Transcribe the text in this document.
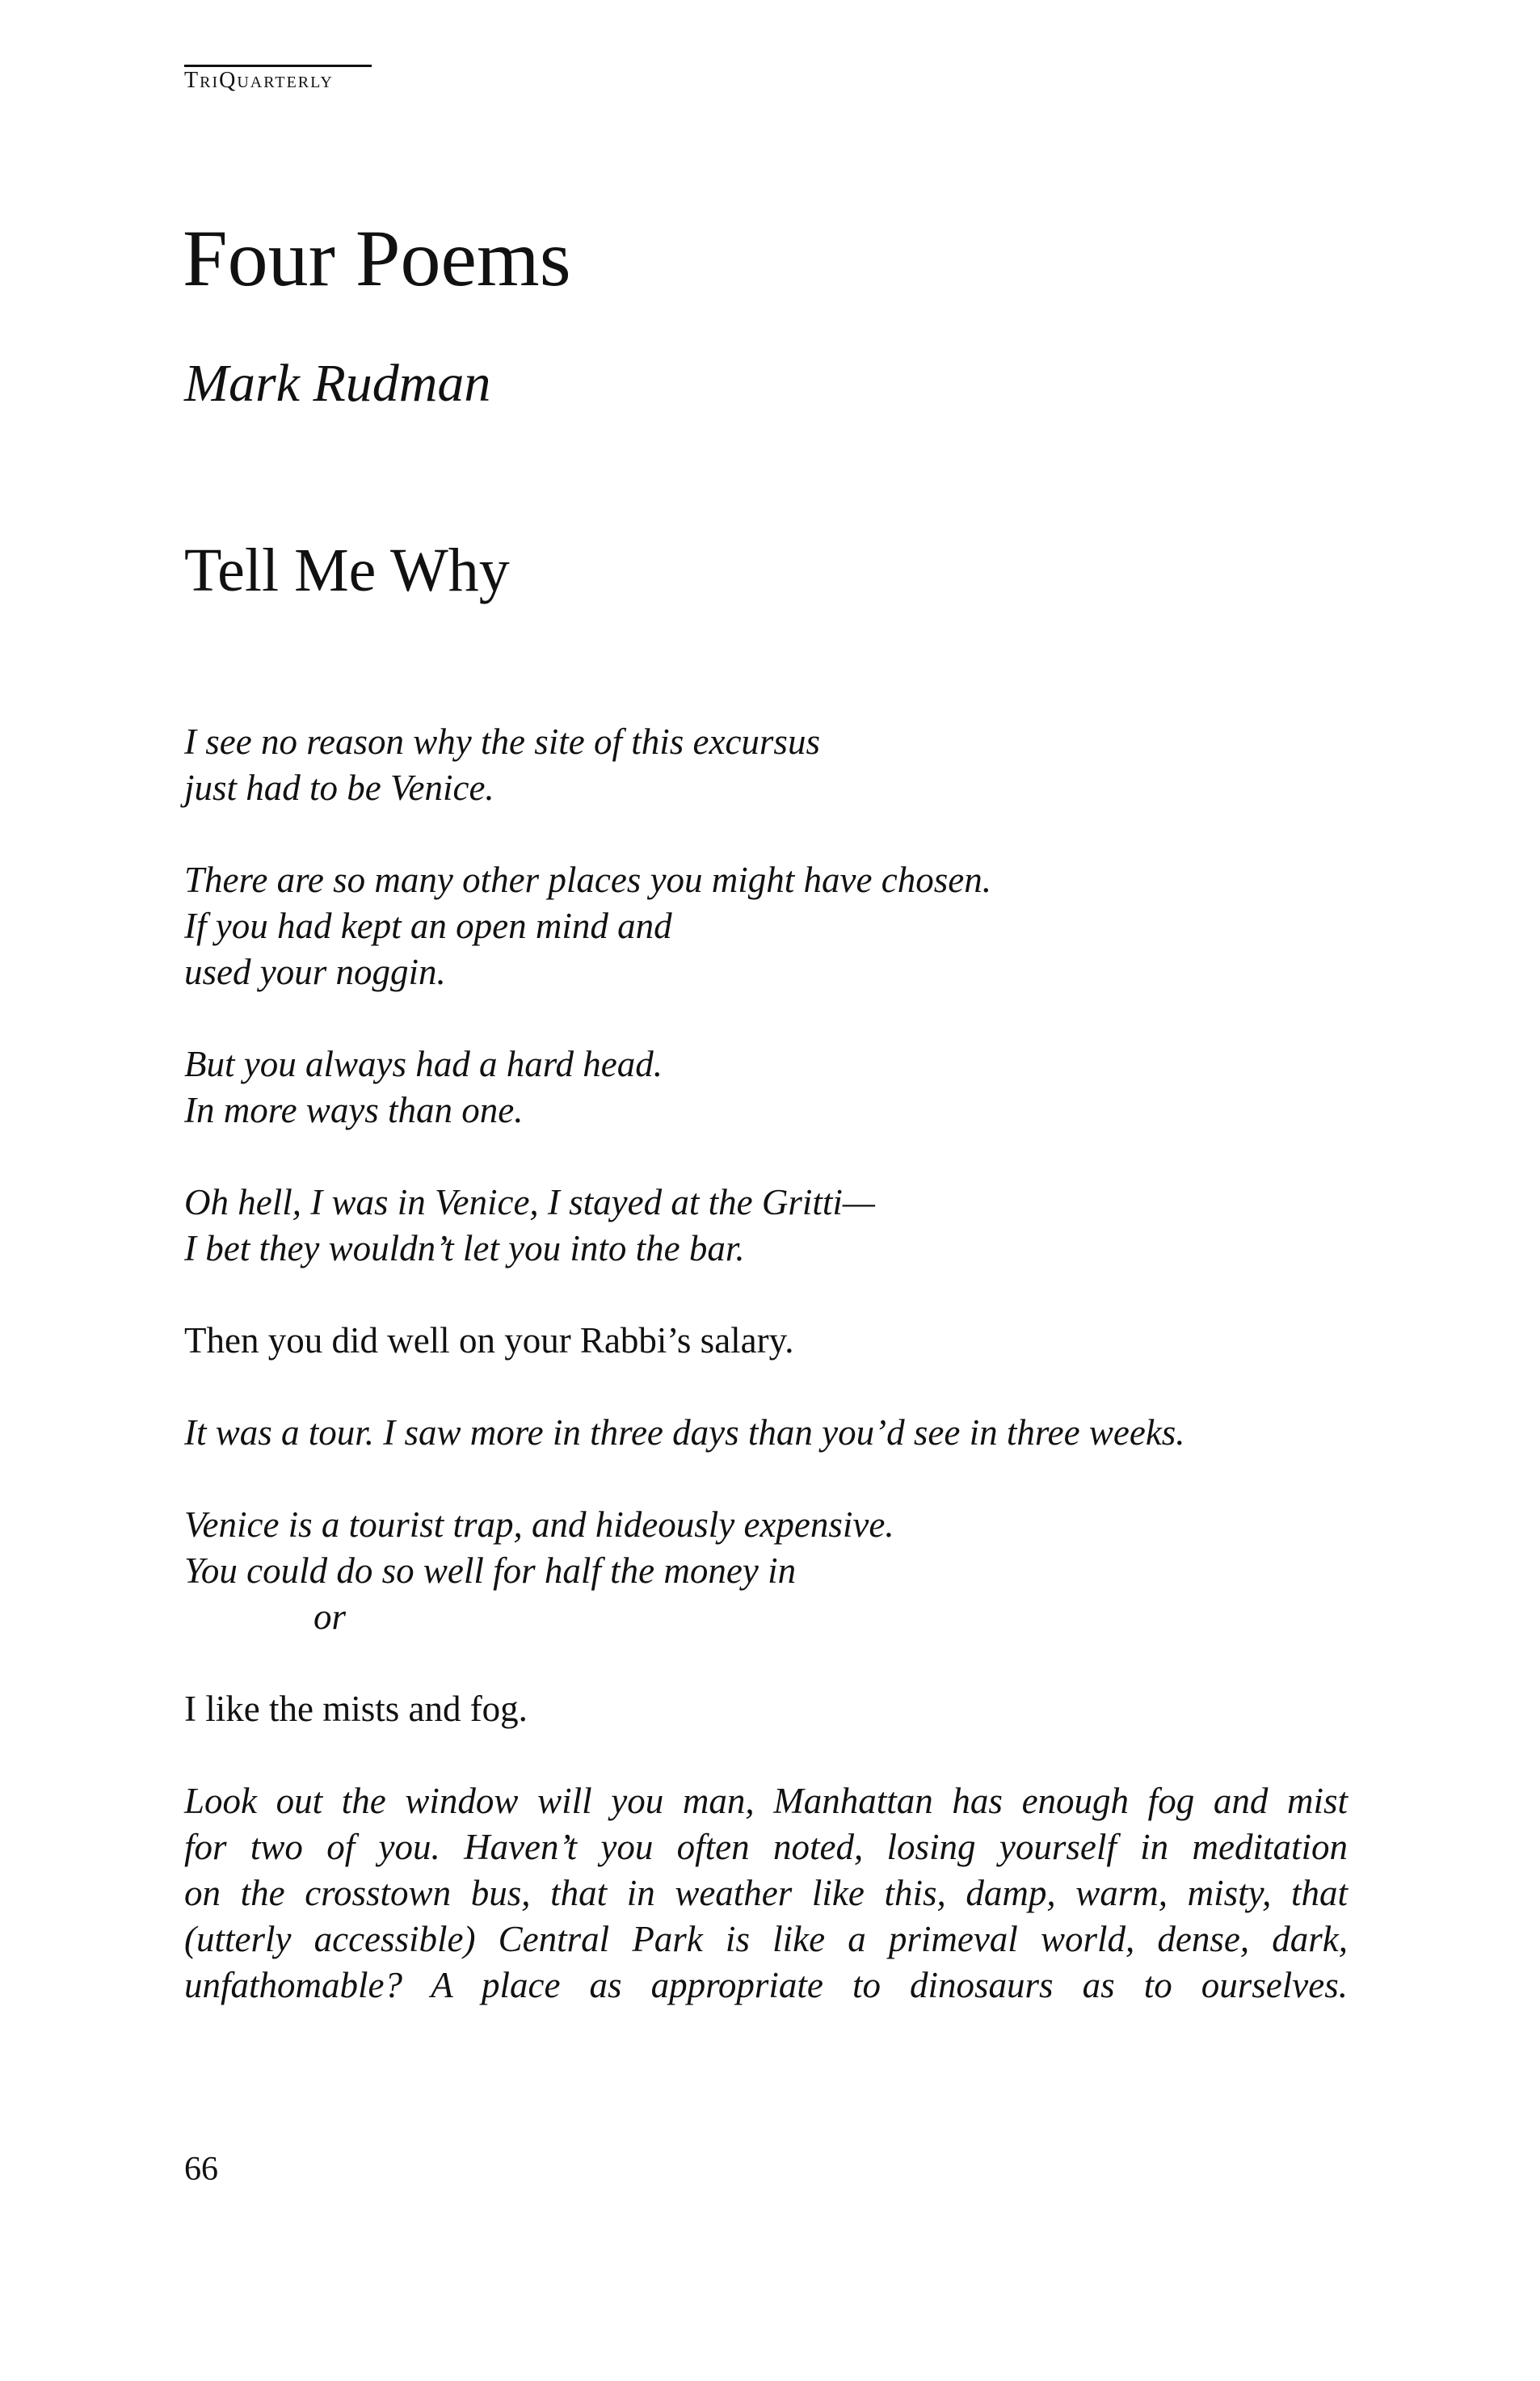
TriQuarterly
Four Poems
Mark Rudman
Tell Me Why
I see no reason why the site of this excursus
just had to be Venice.
There are so many other places you might have chosen.
If you had kept an open mind and
used your noggin.
But you always had a hard head.
In more ways than one.
Oh hell, I was in Venice, I stayed at the Gritti—
I bet they wouldn’t let you into the bar.
Then you did well on your Rabbi’s salary.
It was a tour. I saw more in three days than you’d see in three weeks.
Venice is a tourist trap, and hideously expensive.
You could do so well for half the money in
or
I like the mists and fog.
Look out the window will you man, Manhattan has enough fog and mist
for two of you. Haven’t you often noted, losing yourself in meditation
on the crosstown bus, that in weather like this, damp, warm, misty, that
(utterly accessible) Central Park is like a primeval world, dense, dark,
unfathomable? A place as appropriate to dinosaurs as to ourselves.
66
